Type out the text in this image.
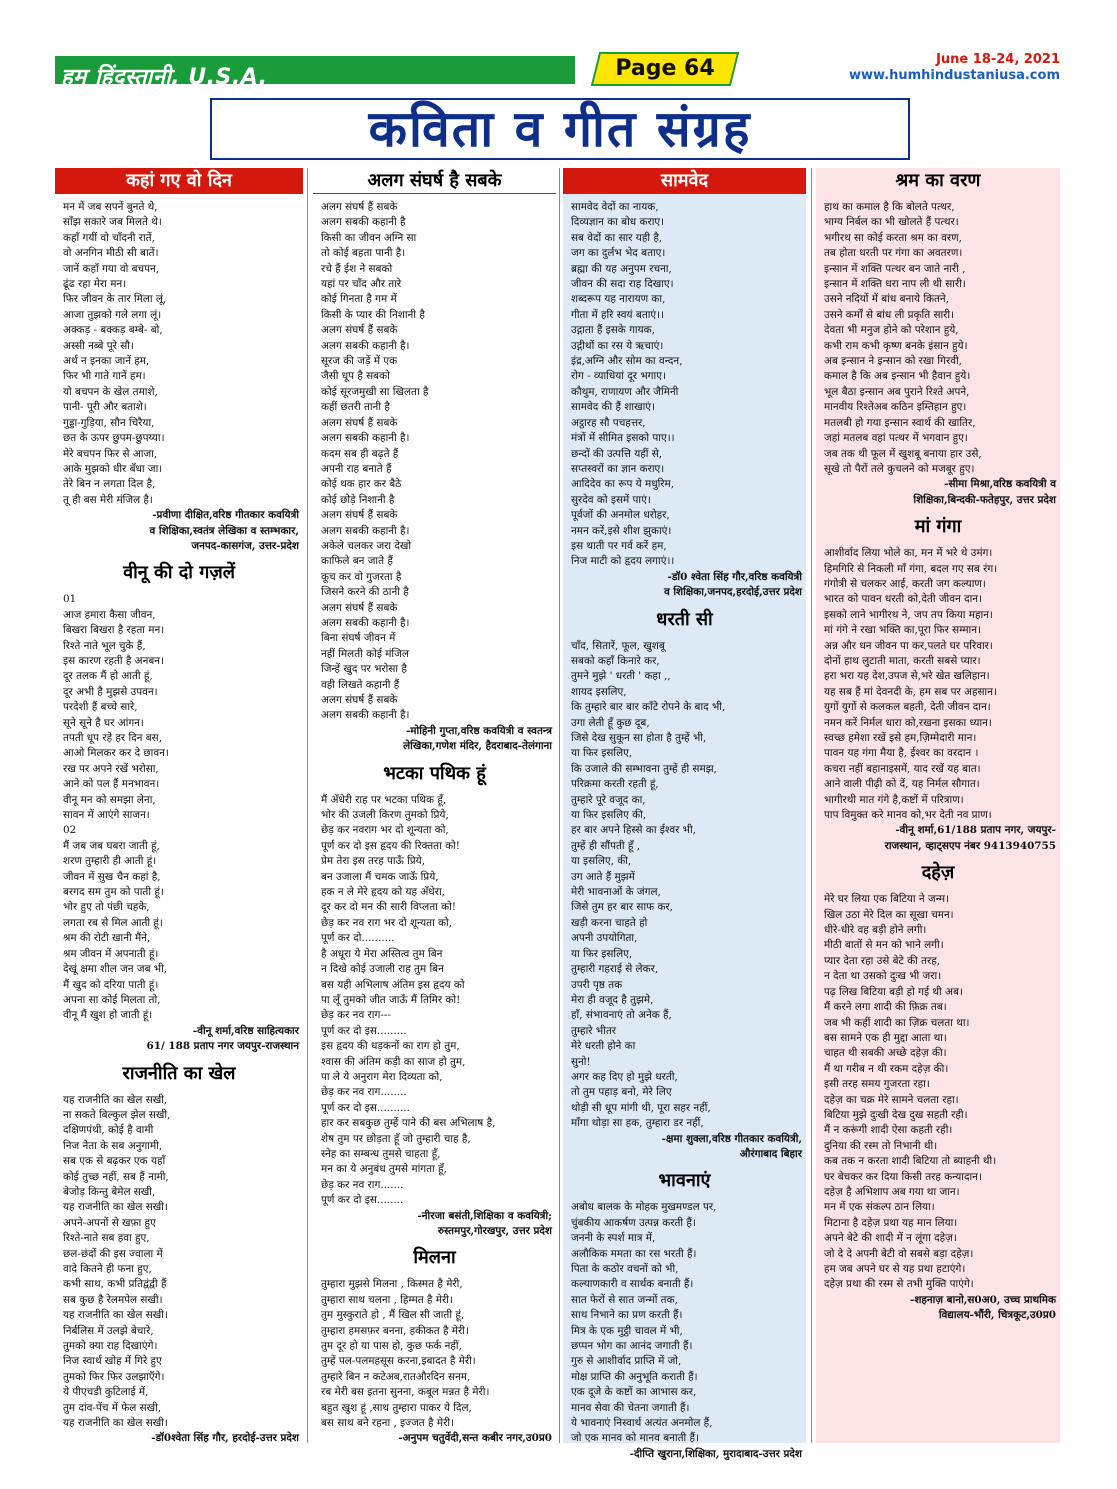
हम हिंदुस्तानी, U.S.A.	Page 64	June 18-24, 2021
www.humhindustaniusa.com
कविता व गीत संग्रह
कहां गए वो दिन
मन में जब सपनें बुनते थे,
साँझ सकारे जब मिलते थे।
कहाँ गयीं वो चाँदनी रातें,
वो अनगिन मीठी सी बातें।
जानें कहाँ गया वो बचपन,
ढूंढ रहा मेरा मन।
फिर जीवन के तार मिला लूं,
आजा तुझको गले लगा लूं।
अक्कड़ - बक्कड़ बम्बे- बो,
अस्सी नब्बे पूरे सौ।
अर्थ न इनका जानें हम,
फिर भी गाते गानें हम।
यो बचपन के खेल तमाशे,
पानी- पूरी और बताशे।
गुड्डा-गुड़िया, सौन चिरैया,
छत के ऊपर छुपम-छुपय्या।
मेरे बचपन फिर से आजा,
आके मुझको धीर बँधा जा।
तेरे बिन न लगता दिल है,
तू ही बस मेरी मंजिल है।
-प्रवीणा दीक्षित,वरिष्ठ गीतकार कवयित्री
व शिक्षिका,स्वतंत्र लेखिका व स्तम्भकार,
जनपद-कासगंज, उत्तर-प्रदेश
वीनू की दो गज़लें
01
आज हमारा कैसा जीवन,
बिखरा बिखरा है रहता मन।
रिश्ते नाते भूल चुके हैं,
इस कारण रहती है अनबन।
दूर तलक मैं हो आती हूं,
दूर अभी है मुझसे उपवन।
परदेशी हैं बच्चे सारे,
सूने सूने है घर आंगन।
तपती धूप रहे हर दिन बस,
आओ मिलकर कर दे छावन।
रख पर अपने रखें भरोसा,
आने को पल हैं मनभावन।
वीनू मन को समझा लेना,
सावन में आएंगे साजन।
02
मैं जब जब घबरा जाती हूं,
शरण तुम्हारी ही आती हूं।
जीवन में सुख चैन कहां है,
बरगद सम तुम को पाती हूं।
भोर हुए तो पंछी चहके,
लगता रब से मिल आती हूं।
श्रम की रोटी खानी मैंने,
श्रम जीवन में अपनाती हूं।
देखूं क्षमा शील जन जब भी,
मैं खुद को दरिया पाती हूं।
अपना सा कोई मिलता तो,
वीनू मैं खुश हो जाती हूं।
-वीनू शर्मा,वरिष्ठ साहित्यकार
61/ 188 प्रताप नगर जयपुर-राजस्थान
राजनीति का खेल
यह राजनीति का खेल सखी,
ना सकते बिल्कुल झेल सखी,
दक्षिणपंथी, कोई है वामी
निज नेता के सब अनुगामी,
सब एक से बढ़कर एक यहाँ
कोई तुच्छ नहीं, सब हैं नामी,
बेजोड़ किन्तु बेमेल सखी,
यह राजनीति का खेल सखी।
अपने-अपनों से खफ़ा हुए
रिश्ते-नाते सब हवा हुए,
छल-छंदों की इस ज्वाला में
वादे कितने ही फना हुए,
कभी साथ, कभी प्रतिद्वंद्वी हैं
सब कुछ है रेलमपेल सखी।
यह राजनीति का खेल सखी।
निर्बलिस में उलझे बेचारे,
तुमको क्या राह दिखाएंगे।
निज स्वार्थ खोह में गिरे हुए
तुमको फिर फिर उलझाएँगे।
ये पीएचडी कुटिलाई में,
तुम दांव-पेंच में फेल सखी,
यह राजनीति का खेल सखी।
-डॉ0श्वेता सिंह गौर, हरदोई-उत्तर प्रदेश
अलग संघर्ष है सबके
अलग संघर्ष हैं सबके
अलग सबकी कहानी है
किसी का जीवन अग्नि सा
तो कोई बहता पानी है।
रचे हैं ईश ने सबको
यहां पर चाँद और तारे
कोई गिनता है गम में
किसी के प्यार की निशानी है
अलग संघर्ष हैं सबके
अलग सबकी कहानी है।
सूरज की जड़ें में एक
जैसी धूप है सबको
कोई सूरजमुखी सा खिलता है
कहीं छतरी तानी है
अलग संघर्ष हैं सबके
अलग सबकी कहानी है।
कदम सब ही बढ़ते हैं
अपनी राह बनाते हैं
कोई थक हार कर बैठे
कोई छोड़े निशानी है
अलग संघर्ष हैं सबके
अलग सबकी कहानी है।
अकेले चलकर जरा देखो
काफिले बन जाते हैं
कूच कर वो गुजरता है
जिसने करने की ठानी है
अलग संघर्ष हैं सबके
अलग सबकी कहानी है।
बिना संघर्ष जीवन में
नहीं मिलती कोई मंजिल
जिन्हें खुद पर भरोसा है
वही लिखते कहानी हैं
अलग संघर्ष हैं सबके
अलग सबकी कहानी है।
-मोहिनी गुप्ता,वरिष्ठ कवयित्री व स्वतन्त्र
लेखिका,गणेश मंदिर, हैदराबाद-तेलंगाना
भटका पथिक हूं
मैं अँधेरी राह पर भटका पथिक हूँ,
भोर की उजली किरण तुमको प्रिये,
छेड़ कर नवराग भर दो शून्यता को,
पूर्ण कर दो इस हृदय की रिक्तता को!
प्रेम तेरा इस तरह पाऊँ प्रिये,
बन उजाला मैं चमक जाऊँ प्रिये,
हक न ले मेरे हृदय को यह अँधेरा,
दूर कर दो मन की सारी विप्लता को!
छेड़ कर नव राग भर दो शून्यता को,
पूर्ण कर दो..........
है अधूरा ये मेरा अस्तित्व तुम बिन
न दिखे कोई उजाली राह तुम बिन
बस यही अभिलाष अंतिम इस हृदय को
पा लूँ तुमको जीत जाऊँ मैं तिमिर को!
छेड़ कर नव राग---
पूर्ण कर दो इस.........
इस हृदय की धड़कनों का राग हो तुम,
श्वास की अंतिम कड़ी का साज हो तुम,
पा ले ये अनुराग मेरा दिव्यता को,
छेड़ कर नव राग........
पूर्ण कर दो इस..........
हार कर सबकुछ तुम्हें पाने की बस अभिलाष है,
शेष तुम पर छोड़ता हूँ जो तुम्हारी चाह है,
स्नेह का सम्बन्ध तुमसे चाहता हूँ,
मन का ये अनुबंध तुमसे मांगता हूँ,
छेड़ कर नव राग.......
पूर्ण कर दो इस........
-नीरजा बसंती,शिक्षिका व कवयित्री;
रुस्तमपुर,गोरखपुर, उत्तर प्रदेश
मिलना
तुम्हारा मुझसे मिलना , किस्मत है मेरी,
तुम्हारा साथ चलना , हिम्मत है मेरी।
तुम मुस्कुराते हो , मैं खिल सी जाती हूं,
तुम्हारा हमसफ़र बनना, हकीकत है मेरी।
तुम दूर हो या पास हो, कुछ फर्क नहीं,
तुम्हें पल-पलमहसूस करना,इबादत है मेरी।
तुम्हारे बिन न कटेअब,रातऔरदिन सनम,
रब मेरी बस इतना सुनना, कबूल मन्नत है मेरी।
बहुत खुश हूं ,साथ तुम्हारा पाकर ये दिल,
बस साथ बने रहना , इज्जत है मेरी।
-अनुपम चतुर्वेदी,सन्त कबीर नगर,उ0प्र0
सामवेद
सामवेद वेदों का नायक,
दिव्यज्ञान का बोध कराए।
सब वेदों का सार यही है,
जग का दुर्लभ भेद बताए।
ब्रह्मा की यह अनुपम रचना,
जीवन की सदा राह दिखाए।
शब्दरूप यह नारायण का,
गीता में हरि स्वयं बताएं।।
उद्गाता हैं इसके गायक,
उद्गीथों का रस ये ऋचाएं।
इंद्र,अग्नि और सोम का वन्दन,
रोग - व्याधियां दूर भगाए।
कौथुम, राणायण और जैमिनी
सामवेद की हैं शाखाएं।
अट्ठारह सौ पचहत्तर,
मंत्रों में सीमित इसको पाए।।
छन्दों की उत्पत्ति यहीं से,
सप्तस्वरों का ज्ञान कराए।
आदिदेव का रूप ये मधुरिम,
सुरदेव को इसमें पाएं।
पूर्वजों की अनमोल धरोहर,
नमन करें,इसे शीश झुकाएं।
इस थाती पर गर्व करें हम,
निज माटी को हृदय लगाएं।।
-डॉ0 श्वेता सिंह गौर,वरिष्ठ कवयित्री
व शिक्षिका,जनपद,हरदोई,उत्तर प्रदेश
धरती सी
चाँद, सितारें, फूल, खुशबू
सबको कहाँ किनारे कर,
तुमने मुझे ' धरती ' कहा ,,
शायद इसलिए,
कि तुम्हारे बार बार काँटे रोपने के बाद भी,
उगा लेती हूँ कुछ दूब,
जिसे देख सुकून सा होता है तुम्हें भी,
या फिर इसलिए,
कि उजाले की सम्भावना तुम्हें ही समझ,
परिक्रमा करती रहती हूं,
तुम्हारे पूरे वजूद का,
या फिर इसलिए की,
हर बार अपने हिस्से का ईश्वर भी,
तुम्हें ही सौंपती हूँ ,
या इसलिए, की,
उग आते हैं मुझमें
मेरी भावनाओं के जंगल,
जिसे तुम हर बार साफ कर,
खड़ी करना चाहते हो
अपनी उपयोगिता,
या फिर इसलिए,
तुम्हारी गहराई से लेकर,
उपरी पृष्ठ तक
मेरा ही वजूद है तुझमे,
हाँ, संभावनाएं तो अनेक हैं,
तुम्हारे भीतर
मेरे धरती होने का
सुनो!
अगर कह दिए हो मुझे धरती,
तो तुम पहाड़ बनो, मेरे लिए
थोड़ी सी धूप मांगी थी, पूरा सहर नहीं,
माँगा थोड़ा सा हक, तुम्हारा डर नहीं,
-क्षमा शुक्ला,वरिष्ठ गीतकार कवयित्री,
औरंगाबाद बिहार
भावनाएं
अबोध बालक के मोहक मुखमण्डल पर,
चुंबकीय आकर्षण उत्पन्न करती हैं।
जननी के स्पर्श मात्र में,
अलौकिक ममता का रस भरती हैं।
पिता के कठोर वचनों को भी,
कल्याणकारी व सार्थक बनाती हैं।
सात फेरों से सात जन्मों तक,
साथ निभाने का प्रण करती हैं।
मित्र के एक मुट्ठी चावल में भी,
छप्पन भोग का आनंद जगाती हैं।
गुरु से आशीर्वाद प्राप्ति में जो,
मोक्ष प्राप्ति की अनुभूति कराती हैं।
एक दूजे के कष्टों का आभास कर,
मानव सेवा की चेतना जगाती हैं।
ये भावनाएं निस्वार्थ अत्यंत अनमोल हैं,
जो एक मानव को मानव बनाती हैं।
-दीप्ति खुराना,शिक्षिका, मुरादाबाद-उत्तर प्रदेश
श्रम का वरण
हाथ का कमाल है कि बोलते पत्थर,
भाग्य निर्बल का भी खोलते हैं पत्थर।
भगीरथ सा कोई करता श्रम का वरण,
तब होता धरती पर गंगा का अवतरण।
इन्सान में शक्ति पत्थर बन जाते नारी ,
इन्सान में शक्ति धरा नाप ली थी सारी।
उसने नदियों में बांध बनाये कितने,
उसने कर्मों से बांध ली प्रकृति सारी।
देवता भी मनुज होने को परेशान हुये,
कभी राम कभी कृष्ण बनके इंसान हुये।
अब इन्सान ने इन्सान को रखा गिरवी,
कमाल है कि अब इन्सान भी हैवान हुये।
भूल बैठा इन्सान अब पुराने रिश्ते अपने,
मानवीय रिश्तेअब कठिन इम्तिहान हुए।
मतलबी हो गया इन्सान स्वार्थ की खातिर,
जहां मतलब वहां पत्थर में भगवान हुए।
जब तक थी फूल में खुशबू बनाया हार उसे,
सूखे तो पैरों तले कुचलने को मजबूर हुए।
-सीमा मिश्रा,वरिष्ठ कवयित्री व
शिक्षिका,बिन्दकी-फतेहपुर, उत्तर प्रदेश
मां गंगा
आशीर्वाद लिया भोले का, मन में भरे थे उमंग।
हिमगिरि से निकली माँ गंगा, बदल गए सब रंग।
गंगोत्री से चलकर आई, करती जग कल्याण।
भारत को पावन धरती को,देती जीवन दान।
इसको लाने भागीरथ ने, जप तप किया महान।
मां गंगे ने रखा भक्ति का,पूरा फिर सम्मान।
अन्न और धन जीवन पा कर,पलते घर परिवार।
दोनों हाथ लुटाती माता, करती सबसे प्यार।
हरा भरा यह देश,उपज से,भरे खेत खलिहान।
यह सब हैं मां देवनदी के, हम सब पर अहसान।
युगों युगों से कलकल बहती, देती जीवन दान।
नमन करें निर्मल धारा को,रखना इसका ध्यान।
स्वच्छ हमेशा रखें इसे हम,ज़िम्मेदारी मान।
पावन यह गंगा मैया है, ईश्वर का वरदान ।
कचरा नहीं बहानाइसमें, याद रखें यह बात।
आने वाली पीढ़ी को दें, यह निर्मल सौगात।
भागीरथी मात गंगे है,कष्टों में परित्राण।
पाप विमुक्त करे मानव को,भर देती नव प्राण।
-वीनू शर्मा,61/188 प्रताप नगर, जयपुर-
राजस्थान, व्हाट्सएप नंबर 9413940755
दहेज़
मेरे घर लिया एक बिटिया ने जन्म।
खिल उठा मेरे दिल का सूखा चमन।
धीरे-धीरे वह बड़ी होने लगी।
मीठी बातों से मन को भाने लगी।
प्यार देता रहा उसे बेटे की तरह,
न देता था उसको दुःख भी जरा।
पढ़ लिख बिटिया बड़ी हो गई थी अब।
मैं करने लगा शादी की फ़िक्र तब।
जब भी कहीं शादी का ज़िक्र चलता था।
बस सामने एक ही मुद्दा आता था।
चाहत थी सबकी अच्छे दहेज़ की।
मैं था गरीब न थी रकम दहेज़ की।
इसी तरह समय गुजरता रहा।
दहेज़ का चक्र मेरे सामने चलता रहा।
बिटिया मुझे दुःखी देख दुख सहती रही।
मैं न करूंगी शादी ऐसा कहती रही।
दुनिया की रस्म तो निभानी थी।
कब तक न करता शादी बिटिया तो ब्याहनी थी।
घर बेचकर कर दिया किसी तरह कन्यादान।
दहेज़ है अभिशाप अब गया था जान।
मन में एक संकल्प ठान लिया।
मिटाना है दहेज़ प्रथा यह मान लिया।
अपने बेटे की शादी में न लूंगा दहेज़।
जो दे दे अपनी बेटी वो सबसे बड़ा दहेज़।
हम जब अपने घर से यह प्रथा हटाएंगे।
दहेज़ प्रथा की रस्म से तभी मुक्ति पाएंगे।
-शहनाज़ बानो,स0अ0, उच्च प्राथमिक
विद्यालय-भौंरी, चित्रकूट,उ0प्र0
